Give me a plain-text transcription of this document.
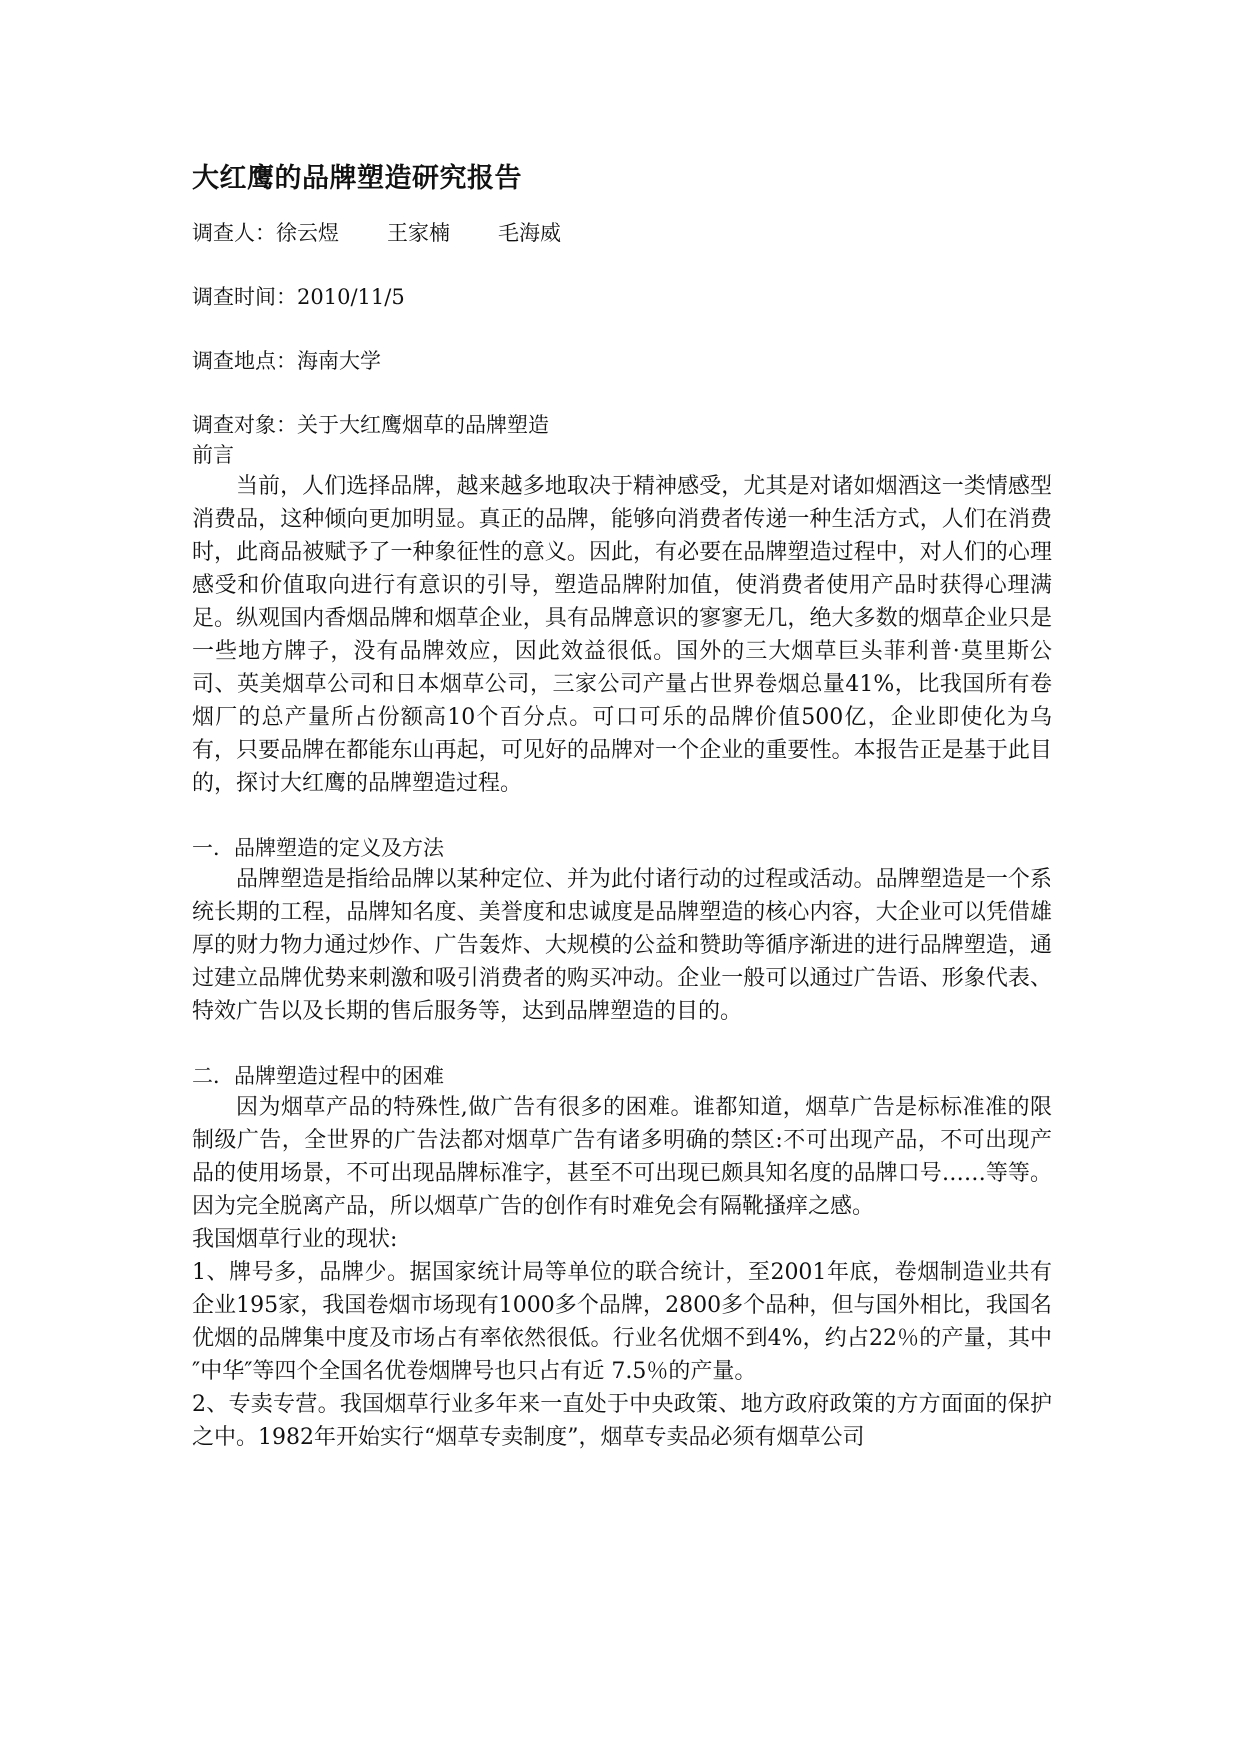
大红鹰的品牌塑造研究报告

调查人：徐云煜 王家楠 毛海威

调查时间：2010/11/5

调查地点：海南大学

调查对象：关于大红鹰烟草的品牌塑造

前言

当前，人们选择品牌，越来越多地取决于精神感受，尤其是对诸如烟酒这一类情感型消费品，这种倾向更加明显。真正的品牌，能够向消费者传递一种生活方式，人们在消费时，此商品被赋予了一种象征性的意义。因此，有必要在品牌塑造过程中，对人们的心理感受和价值取向进行有意识的引导，塑造品牌附加值，使消费者使用产品时获得心理满足。纵观国内香烟品牌和烟草企业，具有品牌意识的寥寥无几，绝大多数的烟草企业只是一些地方牌子，没有品牌效应，因此效益很低。国外的三大烟草巨头菲利普·莫里斯公司、英美烟草公司和日本烟草公司，三家公司产量占世界卷烟总量41%，比我国所有卷烟厂的总产量所占份额高10个百分点。可口可乐的品牌价值500亿，企业即使化为乌有，只要品牌在都能东山再起，可见好的品牌对一个企业的重要性。本报告正是基于此目的，探讨大红鹰的品牌塑造过程。

一．品牌塑造的定义及方法

品牌塑造是指给品牌以某种定位、并为此付诸行动的过程或活动。品牌塑造是一个系统长期的工程，品牌知名度、美誉度和忠诚度是品牌塑造的核心内容，大企业可以凭借雄厚的财力物力通过炒作、广告轰炸、大规模的公益和赞助等循序渐进的进行品牌塑造，通过建立品牌优势来刺激和吸引消费者的购买冲动。企业一般可以通过广告语、形象代表、特效广告以及长期的售后服务等，达到品牌塑造的目的。

二．品牌塑造过程中的困难

因为烟草产品的特殊性,做广告有很多的困难。谁都知道，烟草广告是标标准准的限制级广告，全世界的广告法都对烟草广告有诸多明确的禁区:不可出现产品，不可出现产品的使用场景，不可出现品牌标准字，甚至不可出现已颇具知名度的品牌口号……等等。因为完全脱离产品，所以烟草广告的创作有时难免会有隔靴搔痒之感。

我国烟草行业的现状:

1、牌号多，品牌少。据国家统计局等单位的联合统计，至2001年底，卷烟制造业共有企业195家，我国卷烟市场现有1000多个品牌，2800多个品种，但与国外相比，我国名优烟的品牌集中度及市场占有率依然很低。行业名优烟不到4%，约占22％的产量，其中 ″中华″等四个全国名优卷烟牌号也只占有近 7.5％的产量。

2、专卖专营。我国烟草行业多年来一直处于中央政策、地方政府政策的方方面面的保护之中。1982年开始实行“烟草专卖制度”，烟草专卖品必须有烟草公司
